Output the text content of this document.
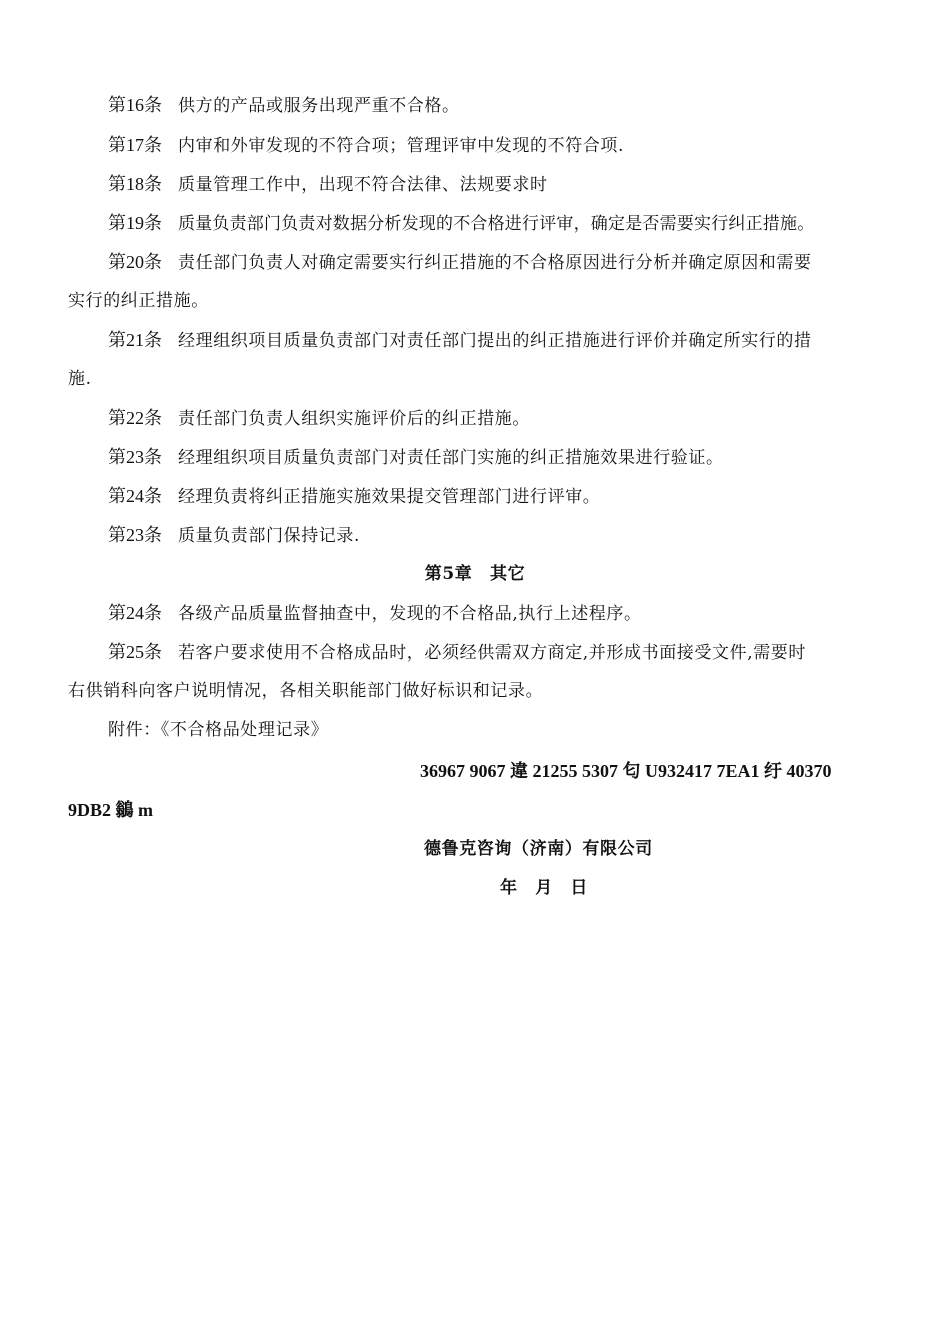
第16条 供方的产品或服务出现严重不合格。
第17条 内审和外审发现的不符合项；管理评审中发现的不符合项.
第18条 质量管理工作中，出现不符合法律、法规要求时
第19条 质量负责部门负责对数据分析发现的不合格进行评审，确定是否需要实行纠正措施。
第20条 责任部门负责人对确定需要实行纠正措施的不合格原因进行分析并确定原因和需要
实行的纠正措施。
第21条 经理组织项目质量负责部门对责任部门提出的纠正措施进行评价并确定所实行的措
施.
第22条 责任部门负责人组织实施评价后的纠正措施。
第23条 经理组织项目质量负责部门对责任部门实施的纠正措施效果进行验证。
第24条 经理负责将纠正措施实施效果提交管理部门进行评审。
第23条 质量负责部门保持记录.
第5章　其它
第24条 各级产品质量监督抽查中，发现的不合格品,执行上述程序。
第25条 若客户要求使用不合格成品时，必须经供需双方商定,并形成书面接受文件,需要时
右供销科向客户说明情况，各相关职能部门做好标识和记录。
附件：《不合格品处理记录》
36967 9067 違 21255 5307 匂 U932417 7EA1 纡 40370
9DB2 鶲 m
德鲁克咨询（济南）有限公司
年　月　日
